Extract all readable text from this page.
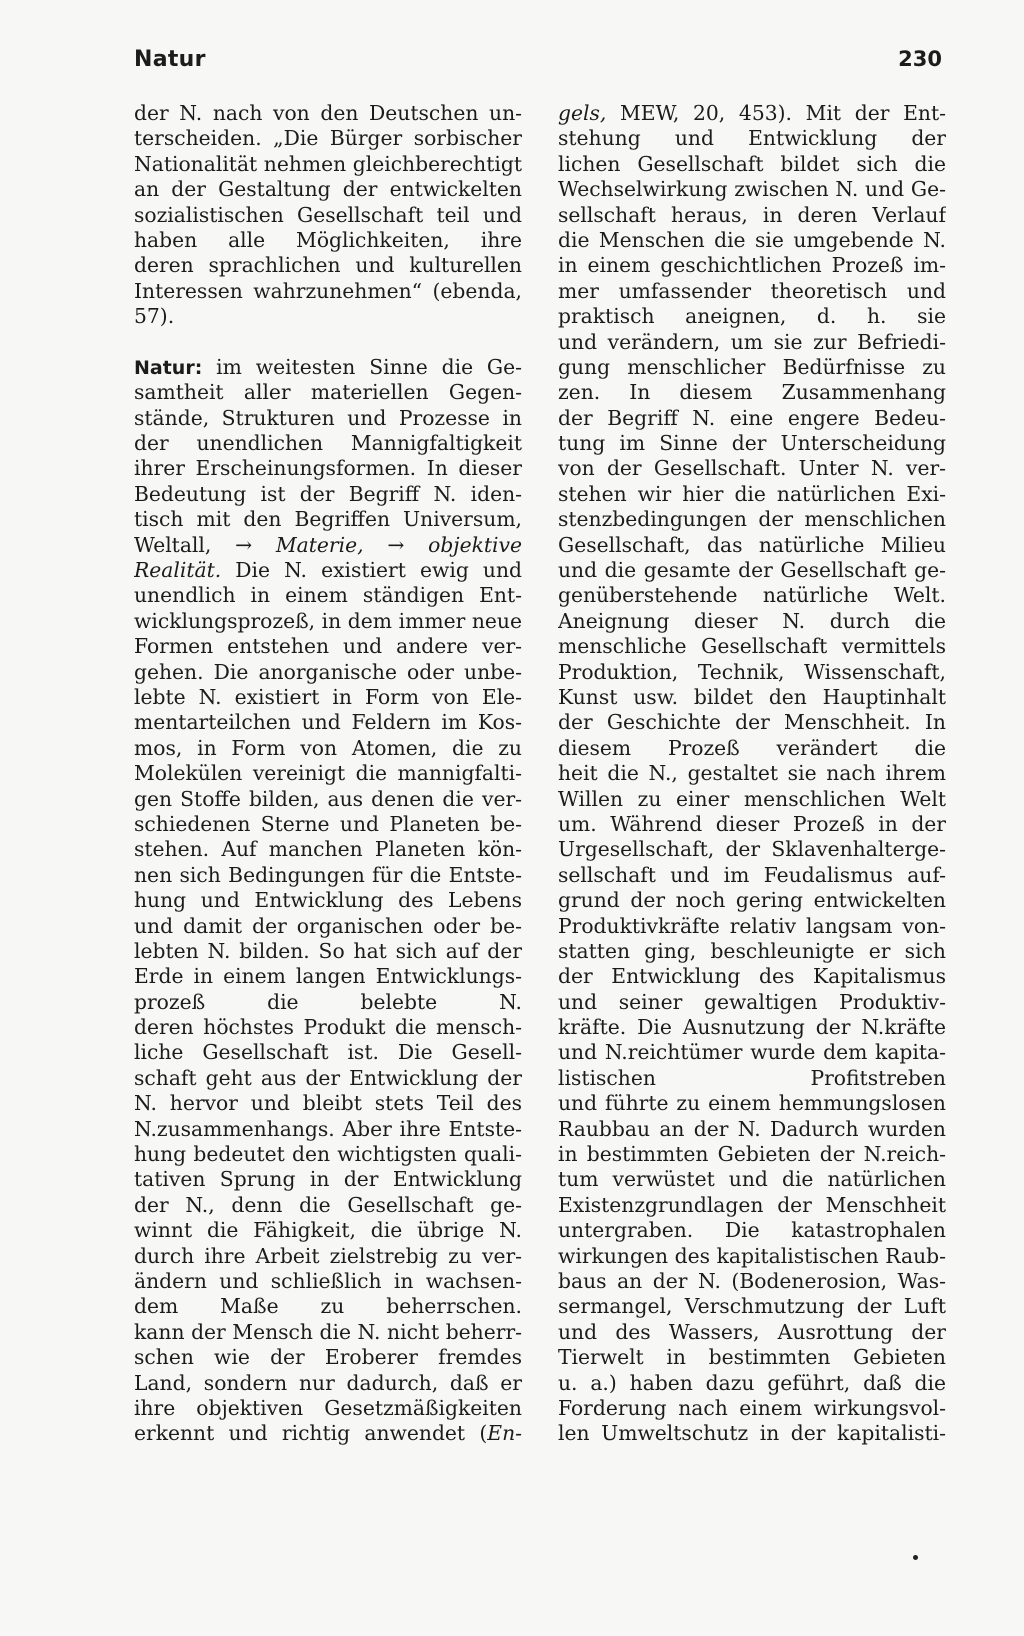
Natur	230
der N. nach von den Deutschen un-
terscheiden. „Die Bürger sorbischer
Nationalität nehmen gleichberechtigt
an der Gestaltung der entwickelten
sozialistischen Gesellschaft teil und
haben alle Möglichkeiten, ihre
deren sprachlichen und kulturellen
Interessen wahrzunehmen“ (ebenda,
57).
Natur: im weitesten Sinne die Ge-
samtheit aller materiellen Gegen-
stände, Strukturen und Prozesse in
der unendlichen Mannigfaltigkeit
ihrer Erscheinungsformen. In dieser
Bedeutung ist der Begriff N. iden-
tisch mit den Begriffen Universum,
Weltall, → Materie, → objektive
Realität. Die N. existiert ewig und
unendlich in einem ständigen Ent-
wicklungsprozeß, in dem immer neue
Formen entstehen und andere ver-
gehen. Die anorganische oder unbe-
lebte N. existiert in Form von Ele-
mentarteilchen und Feldern im Kos-
mos, in Form von Atomen, die zu
Molekülen vereinigt die mannigfalti-
gen Stoffe bilden, aus denen die ver-
schiedenen Sterne und Planeten be-
stehen. Auf manchen Planeten kön-
nen sich Bedingungen für die Entste-
hung und Entwicklung des Lebens
und damit der organischen oder be-
lebten N. bilden. So hat sich auf der
Erde in einem langen Entwicklungs-
prozeß die belebte N.
deren höchstes Produkt die mensch-
liche Gesellschaft ist. Die Gesell-
schaft geht aus der Entwicklung der
N. hervor und bleibt stets Teil des
N.zusammenhangs. Aber ihre Entste-
hung bedeutet den wichtigsten quali-
tativen Sprung in der Entwicklung
der N., denn die Gesellschaft ge-
winnt die Fähigkeit, die übrige N.
durch ihre Arbeit zielstrebig zu ver-
ändern und schließlich in wachsen-
dem Maße zu beherrschen.
kann der Mensch die N. nicht beherr-
schen wie der Eroberer fremdes
Land, sondern nur dadurch, daß er
ihre objektiven Gesetzmäßigkeiten
erkennt und richtig anwendet (En-
gels, MEW, 20, 453). Mit der Ent-
stehung und Entwicklung der
lichen Gesellschaft bildet sich die
Wechselwirkung zwischen N. und Ge-
sellschaft heraus, in deren Verlauf
die Menschen die sie umgebende N.
in einem geschichtlichen Prozeß im-
mer umfassender theoretisch und
praktisch aneignen, d. h. sie
und verändern, um sie zur Befriedi-
gung menschlicher Bedürfnisse zu
zen. In diesem Zusammenhang
der Begriff N. eine engere Bedeu-
tung im Sinne der Unterscheidung
von der Gesellschaft. Unter N. ver-
stehen wir hier die natürlichen Exi-
stenzbedingungen der menschlichen
Gesellschaft, das natürliche Milieu
und die gesamte der Gesellschaft ge-
genüberstehende natürliche Welt.
Aneignung dieser N. durch die
menschliche Gesellschaft vermittels
Produktion, Technik, Wissenschaft,
Kunst usw. bildet den Hauptinhalt
der Geschichte der Menschheit. In
diesem Prozeß verändert die
heit die N., gestaltet sie nach ihrem
Willen zu einer menschlichen Welt
um. Während dieser Prozeß in der
Urgesellschaft, der Sklavenhalterge-
sellschaft und im Feudalismus auf-
grund der noch gering entwickelten
Produktivkräfte relativ langsam von-
statten ging, beschleunigte er sich
der Entwicklung des Kapitalismus
und seiner gewaltigen Produktiv-
kräfte. Die Ausnutzung der N.kräfte
und N.reichtümer wurde dem kapita-
listischen Profitstreben
und führte zu einem hemmungslosen
Raubbau an der N. Dadurch wurden
in bestimmten Gebieten der N.reich-
tum verwüstet und die natürlichen
Existenzgrundlagen der Menschheit
untergraben. Die katastrophalen
wirkungen des kapitalistischen Raub-
baus an der N. (Bodenerosion, Was-
sermangel, Verschmutzung der Luft
und des Wassers, Ausrottung der
Tierwelt in bestimmten Gebieten
u. a.) haben dazu geführt, daß die
Forderung nach einem wirkungsvol-
len Umweltschutz in der kapitalisti-
